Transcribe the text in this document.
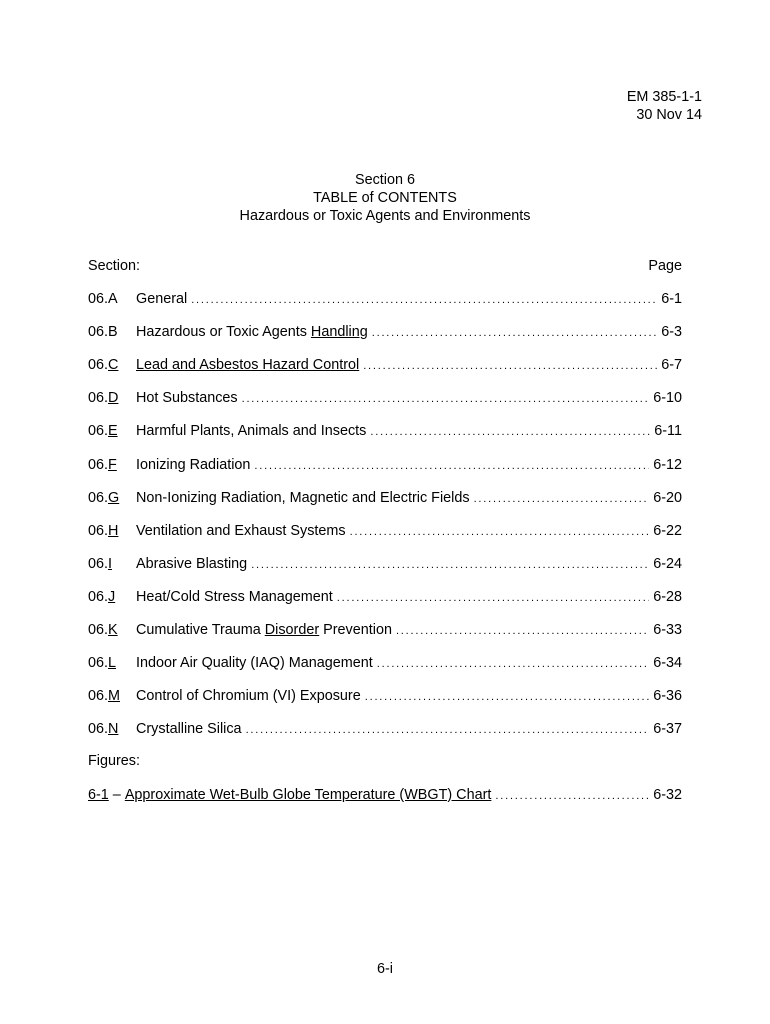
EM 385-1-1
30 Nov 14
Section 6
TABLE of CONTENTS
Hazardous or Toxic Agents and Environments
Section:	Page
06.A General .....	6-1
06.B Hazardous or Toxic Agents Handling .....	6-3
06.C Lead and Asbestos Hazard Control .....	6-7
06.D Hot Substances .....	6-10
06.E Harmful Plants, Animals and Insects .....	6-11
06.F Ionizing Radiation .....	6-12
06.G Non-Ionizing Radiation, Magnetic and Electric Fields .....	6-20
06.H Ventilation and Exhaust Systems .....	6-22
06.I Abrasive Blasting .....	6-24
06.J Heat/Cold Stress Management .....	6-28
06.K Cumulative Trauma Disorder Prevention .....	6-33
06.L Indoor Air Quality (IAQ) Management .....	6-34
06.M Control of Chromium (VI) Exposure .....	6-36
06.N Crystalline Silica .....	6-37
Figures:
6-1 – Approximate Wet-Bulb Globe Temperature (WBGT) Chart .....	6-32
6-i
